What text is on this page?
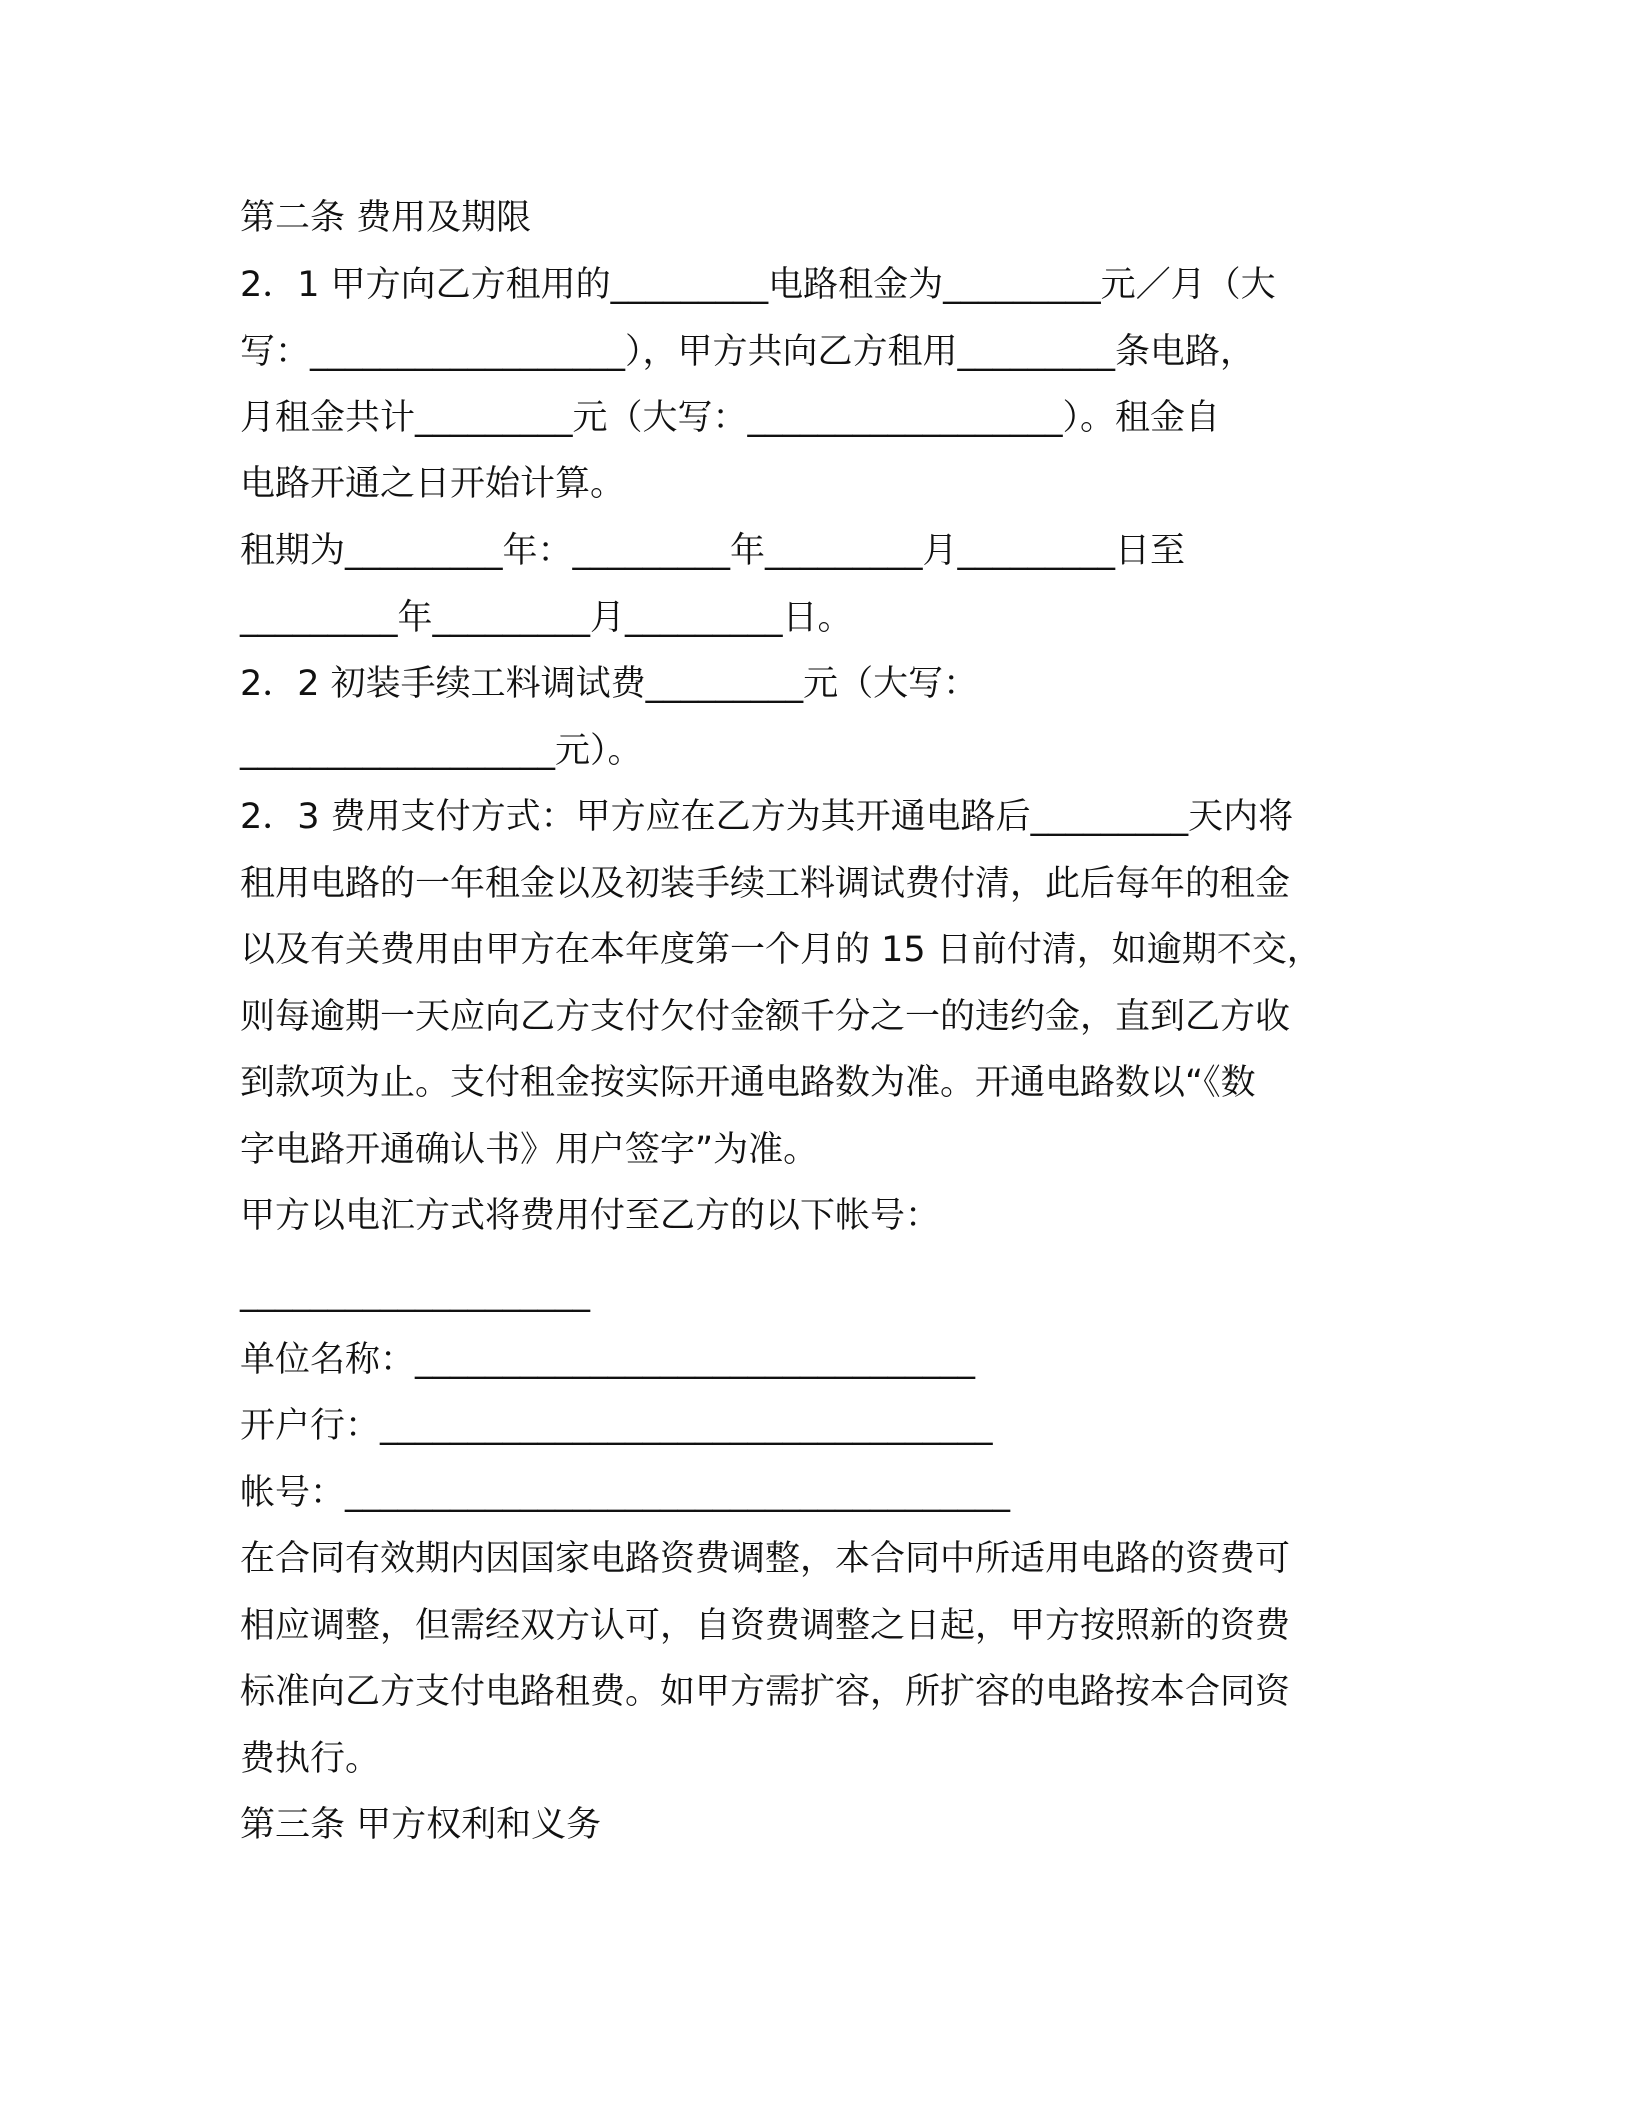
第二条 费用及期限
2．1 甲方向乙方租用的_________电路租金为_________元／月（大
写：__________________），甲方共向乙方租用_________条电路，
月租金共计_________元（大写：__________________）。租金自
电路开通之日开始计算。
租期为_________年：_________年_________月_________日至
_________年_________月_________日。
2．2 初装手续工料调试费_________元（大写：
__________________元）。
2．3 费用支付方式：甲方应在乙方为其开通电路后_________天内将
租用电路的一年租金以及初装手续工料调试费付清，此后每年的租金
以及有关费用由甲方在本年度第一个月的 15 日前付清，如逾期不交，
则每逾期一天应向乙方支付欠付金额千分之一的违约金，直到乙方收
到款项为止。支付租金按实际开通电路数为准。开通电路数以“《数
字电路开通确认书》用户签字”为准。
甲方以电汇方式将费用付至乙方的以下帐号：
____________________
单位名称：________________________________
开户行：___________________________________
帐号：______________________________________
在合同有效期内因国家电路资费调整，本合同中所适用电路的资费可
相应调整，但需经双方认可，自资费调整之日起，甲方按照新的资费
标准向乙方支付电路租费。如甲方需扩容，所扩容的电路按本合同资
费执行。
第三条 甲方权利和义务
